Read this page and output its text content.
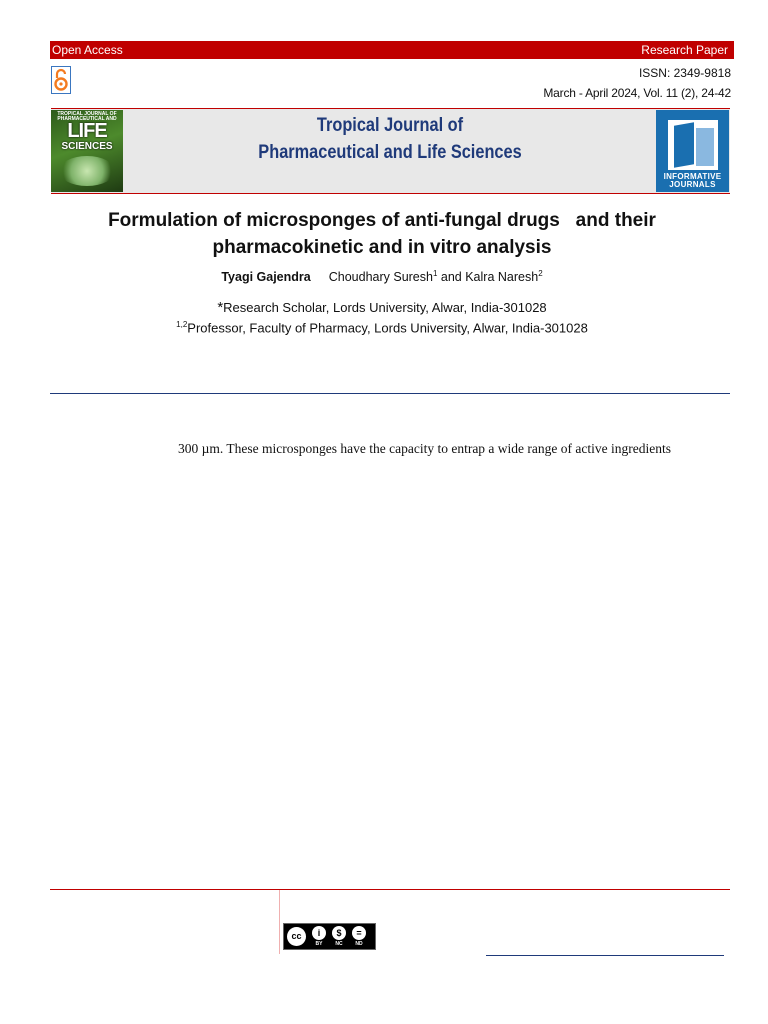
Open Access	Research Paper
ISSN: 2349-9818
March - April 2024, Vol. 11 (2), 24-42
TROPICAL JOURNAL OF PHARMACEUTICAL AND
LIFE
SCIENCES
Tropical Journal of
Pharmaceutical and Life Sciences
INFORMATIVE
JOURNALS
Formulation of microsponges of anti-fungal drugs   and their
pharmacokinetic and in vitro analysis
Tyagi Gajendra Choudhary Suresh$^1$ and Kalra Naresh$^2$
*Research Scholar, Lords University, Alwar, India-301028
$^{1,2}$Professor, Faculty of Pharmacy, Lords University, Alwar, India-301028
300 µm. These microsponges have the capacity to entrap a wide range of active ingredients
cc	i	$	=
BY	NC	ND
